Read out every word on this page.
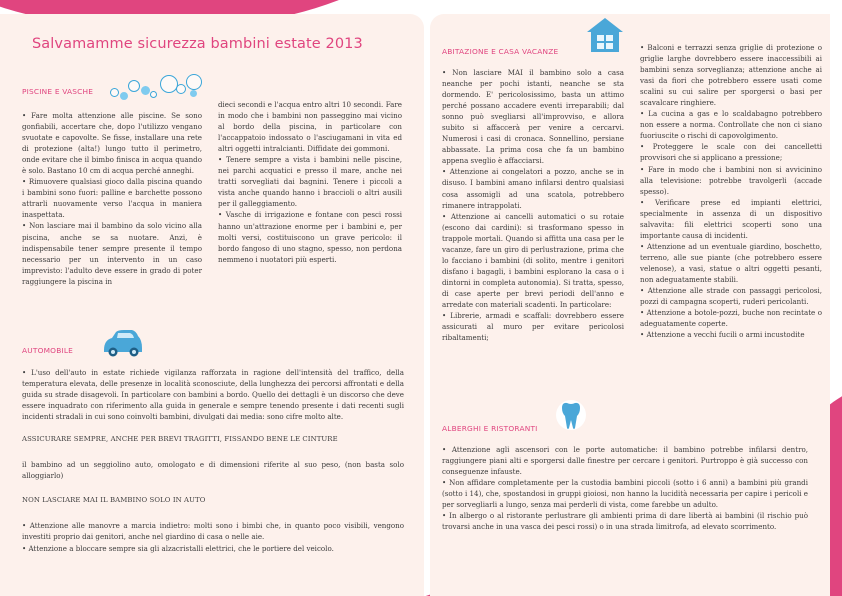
Salvamamme sicurezza bambini estate 2013
PISCINE E VASCHE

• Fare molta attenzione alle piscine. Se sono gonfiabili, accertare che, dopo l'utilizzo vengano svuotate e capovolte. Se fisse, installare una rete di protezione (alta!) lungo tutto il perimetro, onde evitare che il bimbo finisca in acqua quando è solo. Bastano 10 cm di acqua perché anneghi.

• Rimuovere qualsiasi gioco dalla piscina quando i bambini sono fuori: palline e barchette possono attrarli nuovamente verso l'acqua in maniera inaspettata.

• Non lasciare mai il bambino da solo vicino alla piscina, anche se sa nuotare. Anzi, è indispensabile tener sempre presente il tempo necessario per un intervento in un caso imprevisto: l'adulto deve essere in grado di poter raggiungere la piscina in

dieci secondi e l'acqua entro altri 10 secondi. Fare in modo che i bambini non passeggino mai vicino al bordo della piscina, in particolare con l'accappatoio indossato o l'asciugamani in vita ed altri oggetti intralcianti. Diffidate dei gommoni.

• Tenere sempre a vista i bambini nelle piscine, nei parchi acquatici e presso il mare, anche nei tratti sorvegliati dai bagnini. Tenere i piccoli a vista anche quando hanno i braccioli o altri ausili per il galleggiamento.

• Vasche di irrigazione e fontane con pesci rossi hanno un'attrazione enorme per i bambini e, per molti versi, costituiscono un grave pericolo: il bordo fangoso di uno stagno, spesso, non perdona nemmeno i nuotatori più esperti.

AUTOMOBILE

• L'uso dell'auto in estate richiede vigilanza rafforzata in ragione dell'intensità del traffico, della temperatura elevata, delle presenze in località sconosciute, della lunghezza dei percorsi affrontati e della guida su strade disagevoli. In particolare con bambini a bordo. Quello dei dettagli è un discorso che deve essere inquadrato con riferimento alla guida in generale e sempre tenendo presente i dati recenti sugli incidenti stradali in cui sono coinvolti bambini, divulgati dai media: sono cifre molto alte.

ASSICURARE SEMPRE, ANCHE PER BREVI TRAGITTI, FISSANDO BENE LE CINTURE

il bambino ad un seggiolino auto, omologato e di dimensioni riferite al suo peso, (non basta solo alloggiarlo)

NON LASCIARE MAI IL BAMBINO SOLO IN AUTO

• Attenzione alle manovre a marcia indietro: molti sono i bimbi che, in quanto poco visibili, vengono investiti proprio dai genitori, anche nel giardino di casa o nelle aie.
• Attenzione a bloccare sempre sia gli alzacristalli elettrici, che le portiere del veicolo.

ABITAZIONE E CASA VACANZE

• Non lasciare MAI il bambino solo a casa neanche per pochi istanti, neanche se sta dormendo. E' pericolosissimo, basta un attimo perché possano accadere eventi irreparabili; dal sonno può svegliarsi all'improvviso, e allora subito si affaccerà per venire a cercarvi. Numerosi i casi di cronaca. Sonnellino, persiane abbassate. La prima cosa che fa un bambino appena sveglio è affacciarsi.

• Attenzione ai congelatori a pozzo, anche se in disuso. I bambini amano infilarsi dentro qualsiasi cosa assomigli ad una scatola, potrebbero rimanere intrappolati.

• Attenzione ai cancelli automatici o su rotaie (escono dai cardini): si trasformano spesso in trappole mortali. Quando si affitta una casa per le vacanze, fare un giro di perlustrazione, prima che lo facciano i bambini (di solito, mentre i genitori disfano i bagagli, i bambini esplorano la casa o i dintorni in completa autonomia). Si tratta, spesso, di case aperte per brevi periodi dell'anno e arredate con materiali scadenti. In particolare:

• Librerie, armadi e scaffali: dovrebbero essere assicurati al muro per evitare pericolosi ribaltamenti;

• Balconi e terrazzi senza griglie di protezione o griglie larghe dovrebbero essere inaccessibili ai bambini senza sorveglianza; attenzione anche ai vasi da fiori che potrebbero essere usati come scalini su cui salire per sporgersi o basi per scavalcare ringhiere.

• La cucina a gas e lo scaldabagno potrebbero non essere a norma. Controllate che non ci siano fuoriuscite o rischi di capovolgimento.

• Proteggere le scale con dei cancelletti provvisori che si applicano a pressione;

• Fare in modo che i bambini non si avvicinino alla televisione: potrebbe travolgerli (accade spesso).

• Verificare prese ed impianti elettrici, specialmente in assenza di un dispositivo salvavita: fili elettrici scoperti sono una importante causa di incidenti.

• Attenzione ad un eventuale giardino, boschetto, terreno, alle sue piante (che potrebbero essere velenose), a vasi, statue o altri oggetti pesanti, non adeguatamente stabili.

• Attenzione alle strade con passaggi pericolosi, pozzi di campagna scoperti, ruderi pericolanti.

• Attenzione a botole-pozzi, buche non recintate o adeguatamente coperte.

• Attenzione a vecchi fucili o armi incustodite

ALBERGHI E RISTORANTI

• Attenzione agli ascensori con le porte automatiche: il bambino potrebbe infilarsi dentro, raggiungere piani alti e sporgersi dalle finestre per cercare i genitori. Purtroppo è già successo con conseguenze infauste.

• Non affidare completamente per la custodia bambini piccoli (sotto i 6 anni) a bambini più grandi (sotto i 14), che, spostandosi in gruppi gioiosi, non hanno la lucidità necessaria per capire i pericoli e per sorvegliarli a lungo, senza mai perderli di vista, come farebbe un adulto.

• In albergo o al ristorante perlustrare gli ambienti prima di dare libertà ai bambini (il rischio può trovarsi anche in una vasca dei pesci rossi) o in una strada limitrofa, ad elevato scorrimento.
